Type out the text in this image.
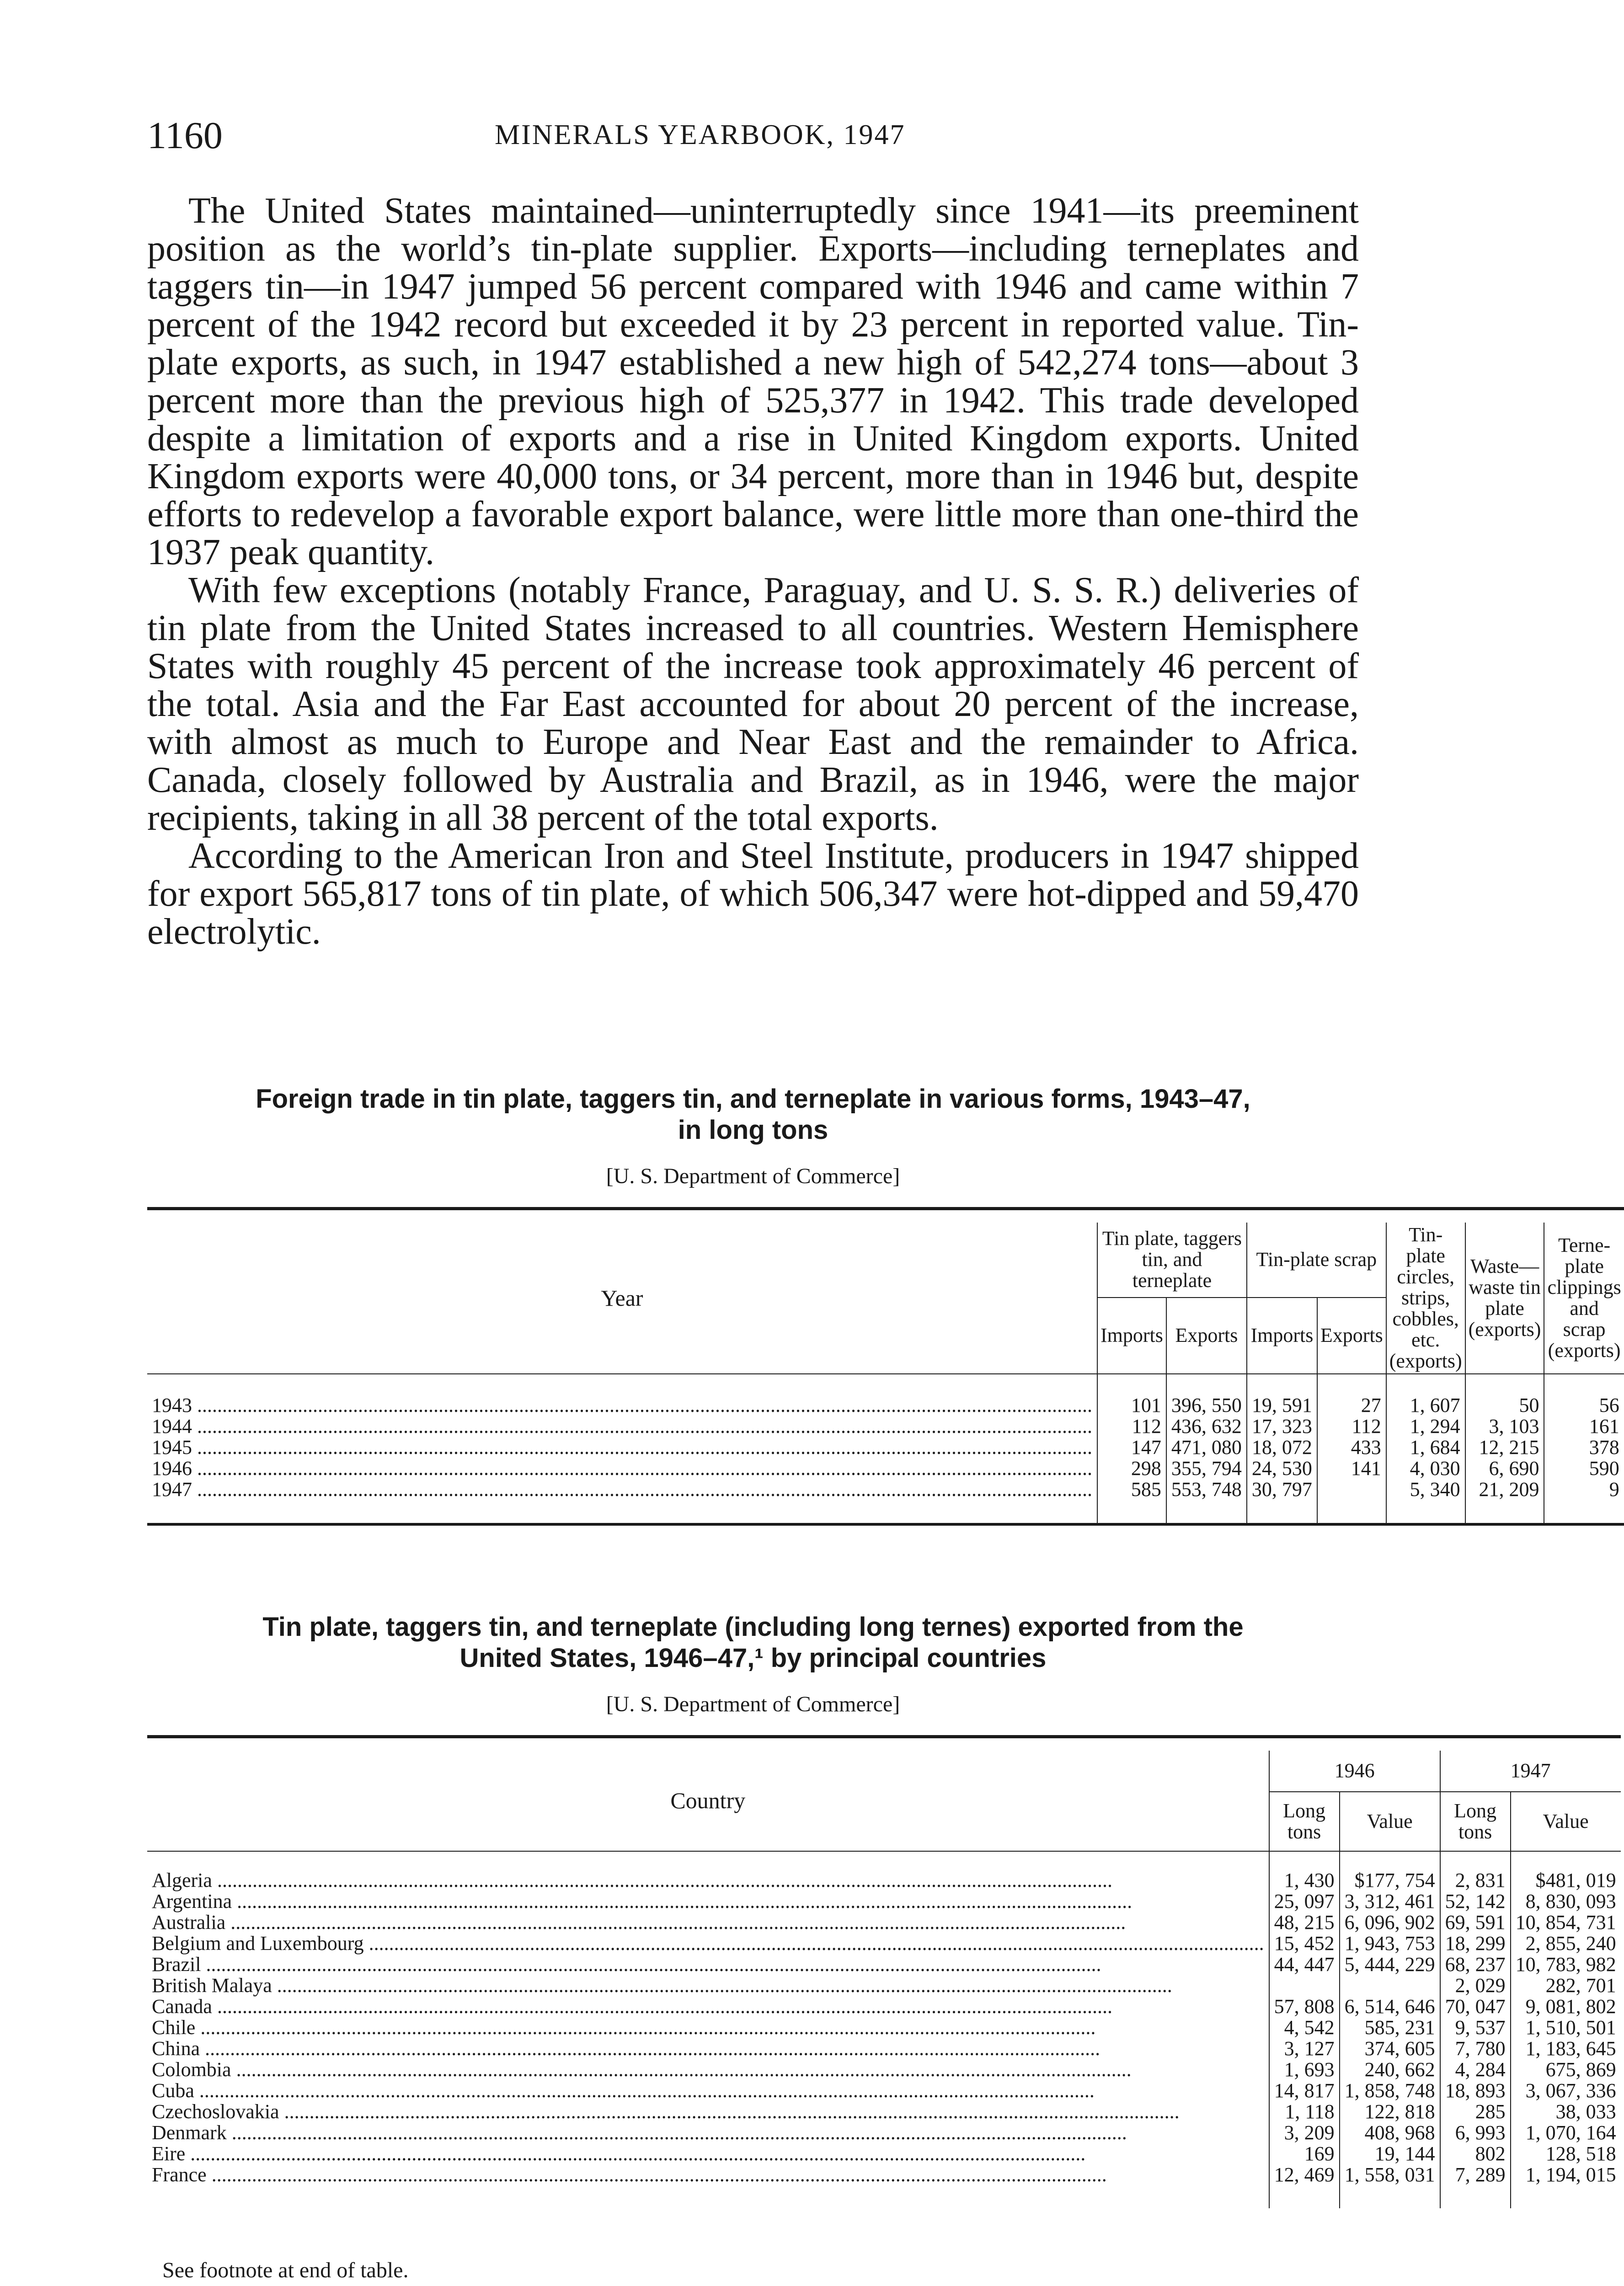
1160	MINERALS YEARBOOK, 1947

The United States maintained—uninterruptedly since 1941—its preeminent position as the world’s tin-plate supplier. Exports—including terneplates and taggers tin—in 1947 jumped 56 percent compared with 1946 and came within 7 percent of the 1942 record but exceeded it by 23 percent in reported value. Tin-plate exports, as such, in 1947 established a new high of 542,274 tons—about 3 percent more than the previous high of 525,377 in 1942. This trade developed despite a limitation of exports and a rise in United Kingdom exports. United Kingdom exports were 40,000 tons, or 34 percent, more than in 1946 but, despite efforts to redevelop a favorable export balance, were little more than one-third the 1937 peak quantity.

With few exceptions (notably France, Paraguay, and U. S. S. R.) deliveries of tin plate from the United States increased to all countries. Western Hemisphere States with roughly 45 percent of the increase took approximately 46 percent of the total. Asia and the Far East accounted for about 20 percent of the increase, with almost as much to Europe and Near East and the remainder to Africa. Canada, closely followed by Australia and Brazil, as in 1946, were the major recipients, taking in all 38 percent of the total exports.

According to the American Iron and Steel Institute, producers in 1947 shipped for export 565,817 tons of tin plate, of which 506,347 were hot-dipped and 59,470 electrolytic.

Foreign trade in tin plate, taggers tin, and terneplate in various forms, 1943–47,
in long tons
[U. S. Department of Commerce]

Year	Tin plate, taggers tin, and terneplate		Tin-plate scrap		Tin-plate circles, strips, cobbles, etc. (exports)	Waste—waste tin plate (exports)	Terne-plate clippings and scrap (exports)
	Imports	Exports	Imports	Exports			
1943 .....	101	396, 550	19, 591	27	1, 607	50	56
1944 .....	112	436, 632	17, 323	112	1, 294	3, 103	161
1945 .....	147	471, 080	18, 072	433	1, 684	12, 215	378
1946 .....	298	355, 794	24, 530	141	4, 030	6, 690	590
1947 .....	585	553, 748	30, 797		5, 340	21, 209	9
Tin plate, taggers tin, and terneplate (including long ternes) exported from the
United States, 1946–47,¹ by principal countries
[U. S. Department of Commerce]

Country	1946		1947	
	Long tons	Value	Long tons	Value
Algeria .....	1, 430	$177, 754	2, 831	$481, 019
Argentina .....	25, 097	3, 312, 461	52, 142	8, 830, 093
Australia .....	48, 215	6, 096, 902	69, 591	10, 854, 731
Belgium and Luxembourg .....	15, 452	1, 943, 753	18, 299	2, 855, 240
Brazil .....	44, 447	5, 444, 229	68, 237	10, 783, 982
British Malaya .....			2, 029	282, 701
Canada .....	57, 808	6, 514, 646	70, 047	9, 081, 802
Chile .....	4, 542	585, 231	9, 537	1, 510, 501
China .....	3, 127	374, 605	7, 780	1, 183, 645
Colombia .....	1, 693	240, 662	4, 284	675, 869
Cuba .....	14, 817	1, 858, 748	18, 893	3, 067, 336
Czechoslovakia .....	1, 118	122, 818	285	38, 033
Denmark .....	3, 209	408, 968	6, 993	1, 070, 164
Eire .....	169	19, 144	802	128, 518
France .....	12, 469	1, 558, 031	7, 289	1, 194, 015
See footnote at end of table.
